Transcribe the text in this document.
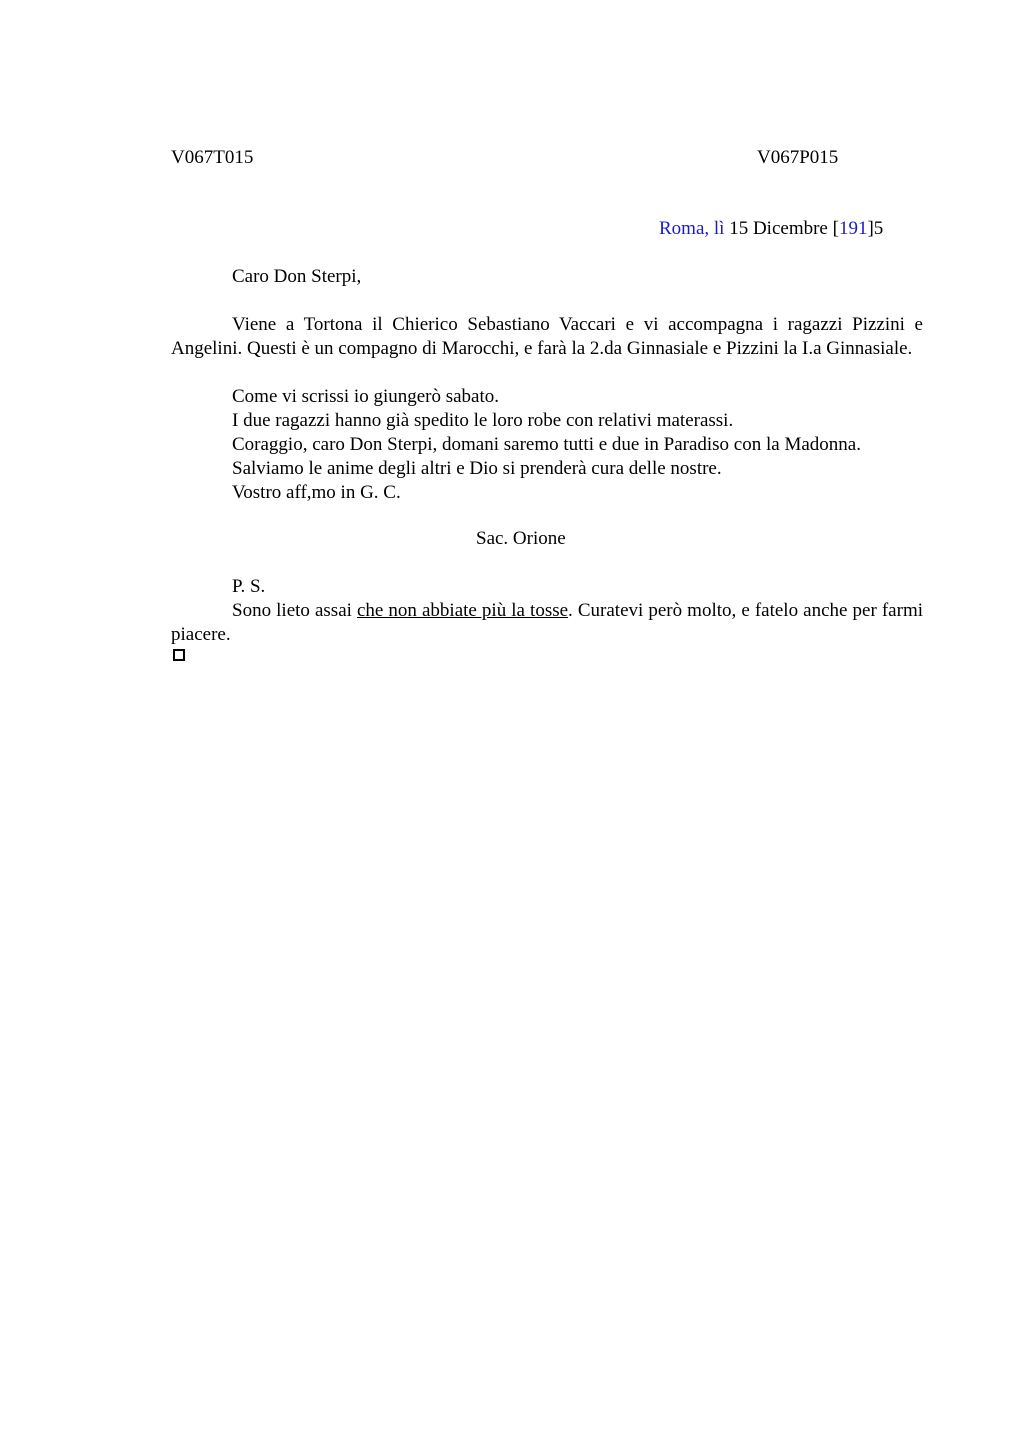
V067T015	V067P015
Roma, lì 15 Dicembre [191]5
Caro Don Sterpi,
Viene a Tortona il Chierico Sebastiano Vaccari e vi accompagna i ragazzi Pizzini e Angelini. Questi è un compagno di Marocchi, e farà la 2.da Ginnasiale e Pizzini la I.a Ginnasiale.
Come vi scrissi io giungerò sabato.
I due ragazzi hanno già spedito le loro robe con relativi materassi.
Coraggio, caro Don Sterpi, domani saremo tutti e due in Paradiso con la Madonna.
Salviamo le anime degli altri e Dio si prenderà cura delle nostre.
Vostro aff,mo in G. C.
Sac. Orione
P. S.
Sono lieto assai che non abbiate più la tosse. Curatevi però molto, e fatelo anche per farmi piacere.
